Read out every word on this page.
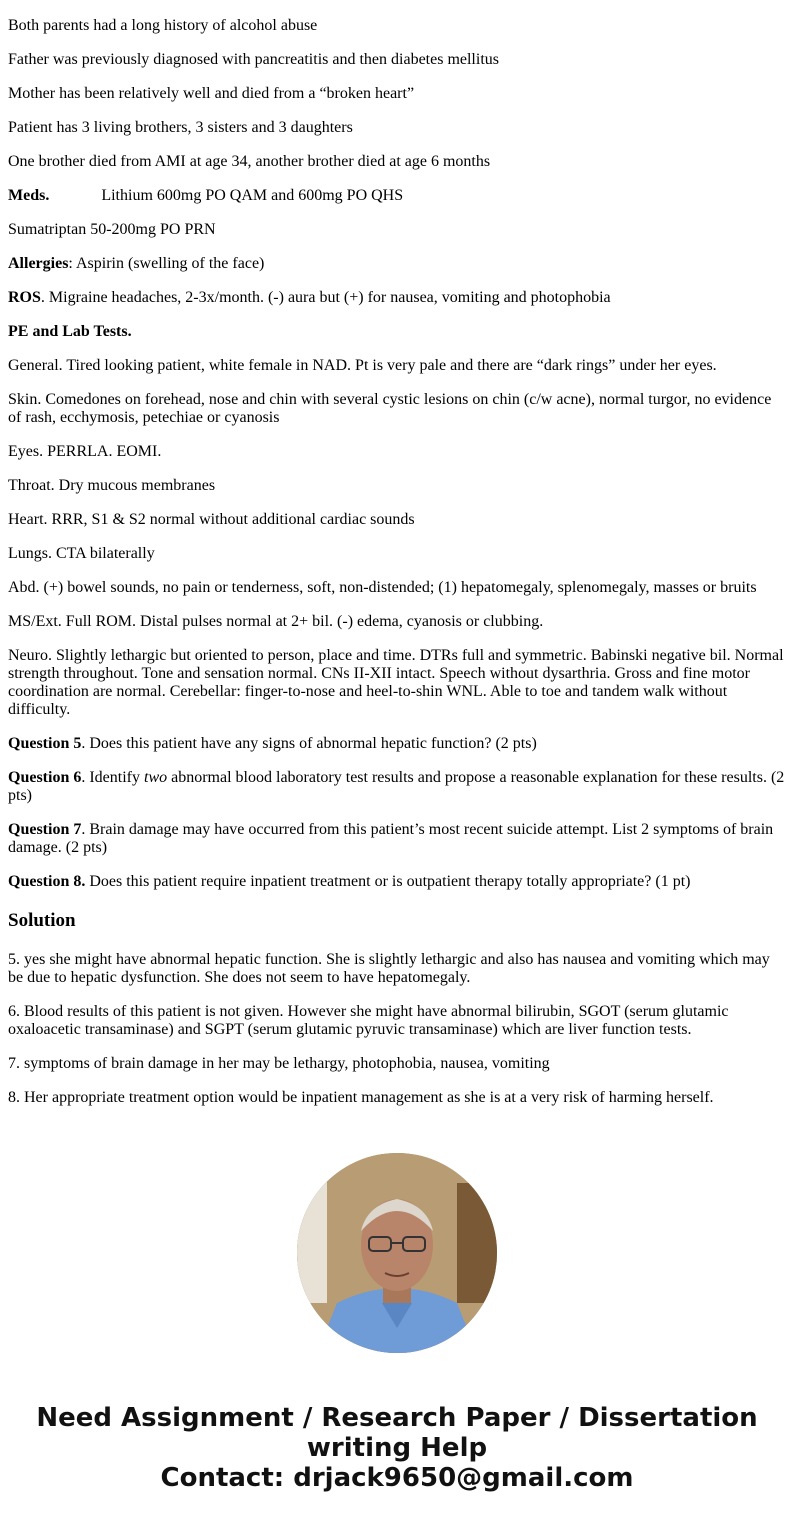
Both parents had a long history of alcohol abuse

Father was previously diagnosed with pancreatitis and then diabetes mellitus

Mother has been relatively well and died from a “broken heart”

Patient has 3 living brothers, 3 sisters and 3 daughters

One brother died from AMI at age 34, another brother died at age 6 months

Meds.	Lithium 600mg PO QAM and 600mg PO QHS

Sumatriptan 50-200mg PO PRN

Allergies: Aspirin (swelling of the face)

ROS. Migraine headaches, 2-3x/month. (-) aura but (+) for nausea, vomiting and photophobia

PE and Lab Tests.

General. Tired looking patient, white female in NAD. Pt is very pale and there are “dark rings” under her eyes.

Skin. Comedones on forehead, nose and chin with several cystic lesions on chin (c/w acne), normal turgor, no evidence of rash, ecchymosis, petechiae or cyanosis

Eyes. PERRLA. EOMI.

Throat. Dry mucous membranes

Heart. RRR, S1 & S2 normal without additional cardiac sounds

Lungs. CTA bilaterally

Abd. (+) bowel sounds, no pain or tenderness, soft, non-distended; (1) hepatomegaly, splenomegaly, masses or bruits

MS/Ext. Full ROM. Distal pulses normal at 2+ bil. (-) edema, cyanosis or clubbing.

Neuro. Slightly lethargic but oriented to person, place and time. DTRs full and symmetric. Babinski negative bil. Normal strength throughout. Tone and sensation normal. CNs II-XII intact. Speech without dysarthria. Gross and fine motor coordination are normal. Cerebellar: finger-to-nose and heel-to-shin WNL. Able to toe and tandem walk without difficulty.

Question 5. Does this patient have any signs of abnormal hepatic function? (2 pts)

Question 6. Identify two abnormal blood laboratory test results and propose a reasonable explanation for these results. (2 pts)

Question 7. Brain damage may have occurred from this patient’s most recent suicide attempt. List 2 symptoms of brain damage. (2 pts)

Question 8. Does this patient require inpatient treatment or is outpatient therapy totally appropriate? (1 pt)

Solution

5. yes she might have abnormal hepatic function. She is slightly lethargic and also has nausea and vomiting which may be due to hepatic dysfunction. She does not seem to have hepatomegaly.

6. Blood results of this patient is not given. However she might have abnormal bilirubin, SGOT (serum glutamic oxaloacetic transaminase) and SGPT (serum glutamic pyruvic transaminase) which are liver function tests.

7. symptoms of brain damage in her may be lethargy, photophobia, nausea, vomiting

8. Her appropriate treatment option would be inpatient management as she is at a very risk of harming herself.

Need Assignment / Research Paper / Dissertation
writing Help
Contact: drjack9650@gmail.com
